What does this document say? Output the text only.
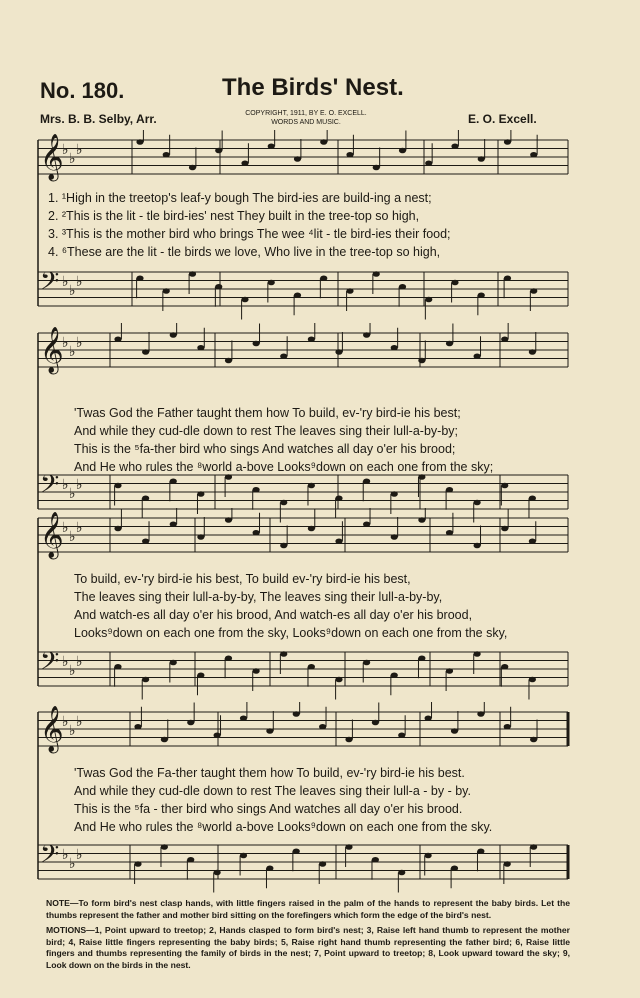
No. 180.	The Birds' Nest.
COPYRIGHT, 1911, BY E. O. EXCELL.
WORDS AND MUSIC.
Mrs. B. B. Selby, Arr.	E. O. Excell.
𝄞
♭
♭
♭
𝄢 ♭
♭
♭
𝄞
♭
♭
♭
𝄢 ♭
♭
♭
𝄞
♭
♭
♭
𝄢 ♭
♭
♭
𝄞
♭
♭
♭
𝄢 ♭
♭
♭
1. ¹High in the treetop's leaf-y bough The bird-ies are build-ing a nest;
2. ²This is the lit - tle bird-ies' nest They built in the tree-top so high,
3. ³This is the mother bird who brings The wee ⁴lit - tle bird-ies their food;
4. ⁶These are the lit - tle birds we love, Who live in the tree-top so high,
'Twas God the Father taught them how To build, ev-'ry bird-ie his best;
And while they cud-dle down to rest The leaves sing their lull-a-by-by;
This is the ⁵fa-ther bird who sings And watches all day o'er his brood;
And He who rules the ⁸world a-bove Looks⁹down on each one from the sky;
To build, ev-'ry bird-ie his best, To build ev-'ry bird-ie his best,
The leaves sing their lull-a-by-by, The leaves sing their lull-a-by-by,
And watch-es all day o'er his brood, And watch-es all day o'er his brood,
Looks⁹down on each one from the sky, Looks⁹down on each one from the sky,
'Twas God the Fa-ther taught them how To build, ev-'ry bird-ie his best.
And while they cud-dle down to rest The leaves sing their lull-a - by - by.
This is the ⁵fa - ther bird who sings And watches all day o'er his brood.
And He who rules the ⁸world a-bove Looks⁹down on each one from the sky.

NOTE—To form bird's nest clasp hands, with little fingers raised in the palm of the hands to represent the baby birds. Let the thumbs represent the father and mother bird sitting on the forefingers which form the edge of the bird's nest.

MOTIONS—1, Point upward to treetop; 2, Hands clasped to form bird's nest; 3, Raise left hand thumb to represent the mother bird; 4, Raise little fingers representing the baby birds; 5, Raise right hand thumb representing the father bird; 6, Raise little fingers and thumbs representing the family of birds in the nest; 7, Point upward to treetop; 8, Look upward toward the sky; 9, Look down on the birds in the nest.
